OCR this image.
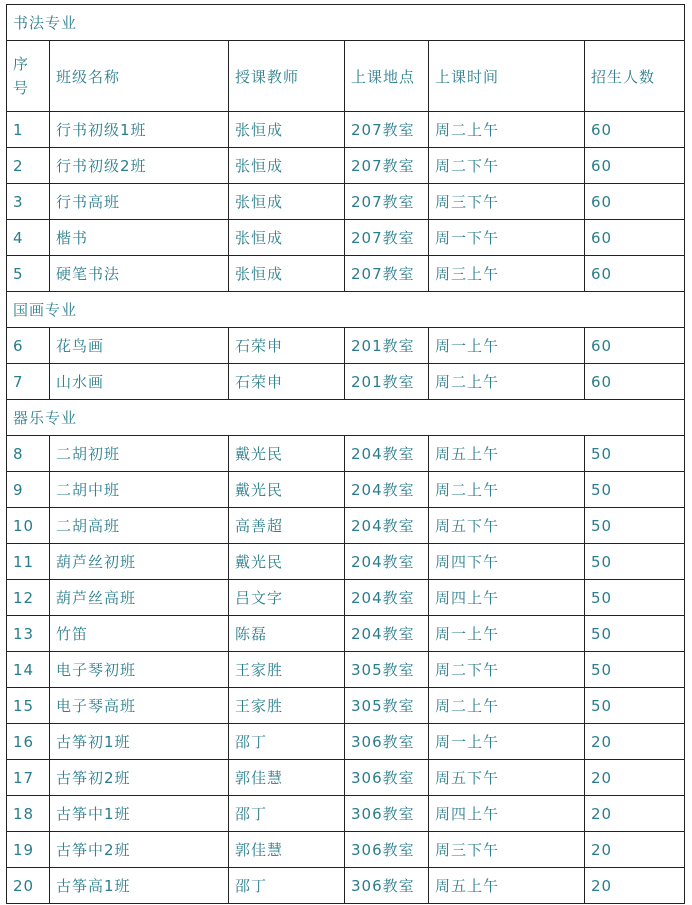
书法专业					
序号	班级名称	授课教师	上课地点	上课时间	招生人数
1	行书初级1班	张恒成	207教室	周二上午	60
2	行书初级2班	张恒成	207教室	周二下午	60
3	行书高班	张恒成	207教室	周三下午	60
4	楷书	张恒成	207教室	周一下午	60
5	硬笔书法	张恒成	207教室	周三上午	60
国画专业					
6	花鸟画	石荣申	201教室	周一上午	60
7	山水画	石荣申	201教室	周二上午	60
器乐专业					
8	二胡初班	戴光民	204教室	周五上午	50
9	二胡中班	戴光民	204教室	周二上午	50
10	二胡高班	高善超	204教室	周五下午	50
11	葫芦丝初班	戴光民	204教室	周四下午	50
12	葫芦丝高班	吕文字	204教室	周四上午	50
13	竹笛	陈磊	204教室	周一上午	50
14	电子琴初班	王家胜	305教室	周二下午	50
15	电子琴高班	王家胜	305教室	周二上午	50
16	古筝初1班	邵丁	306教室	周一上午	20
17	古筝初2班	郭佳慧	306教室	周五下午	20
18	古筝中1班	邵丁	306教室	周四上午	20
19	古筝中2班	郭佳慧	306教室	周三下午	20
20	古筝高1班	邵丁	306教室	周五上午	20
